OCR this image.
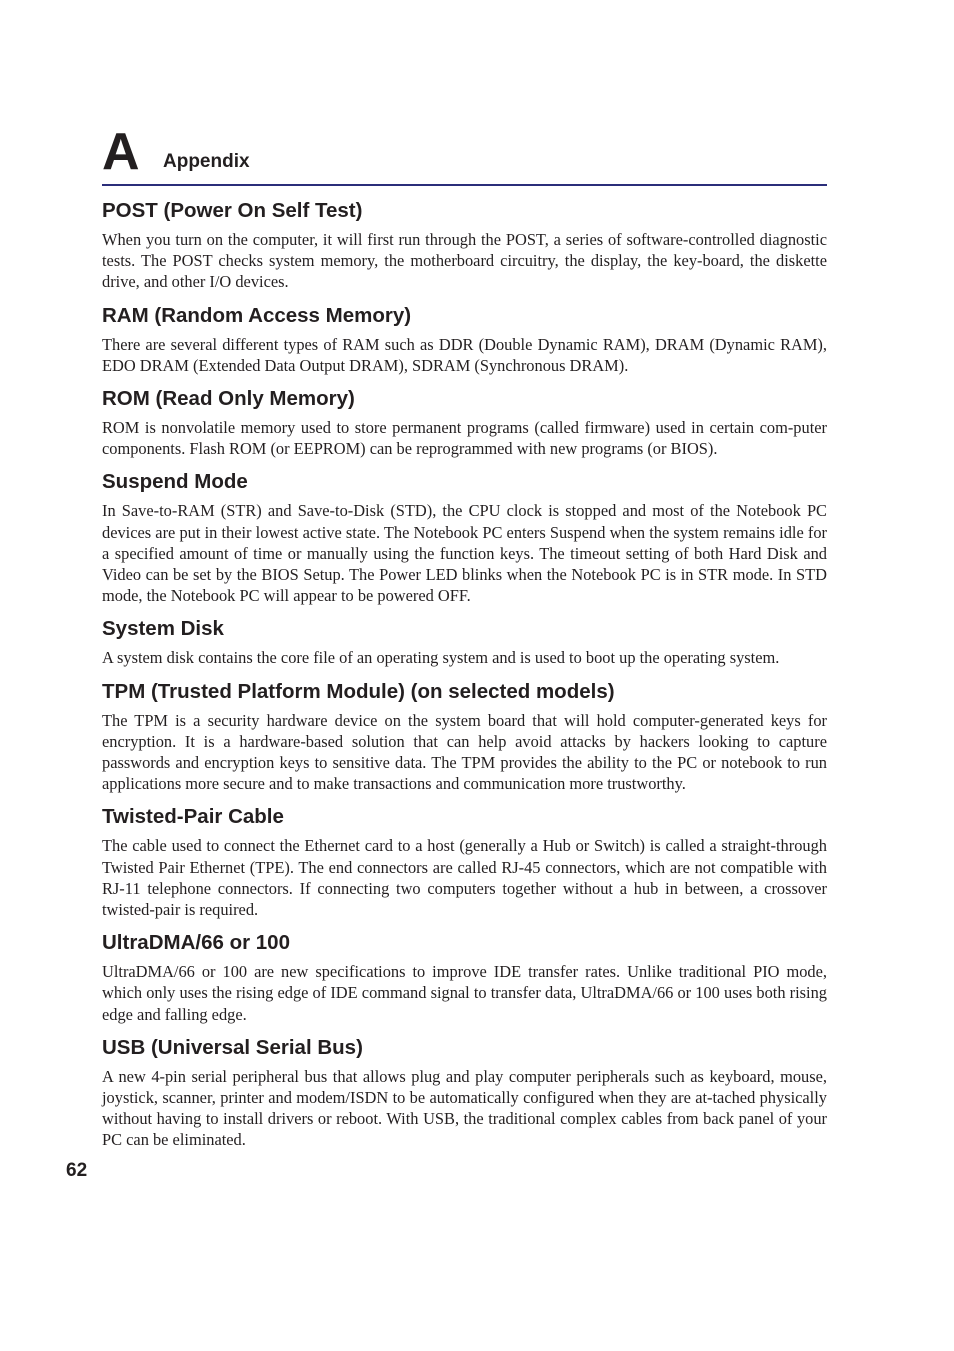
A Appendix
POST (Power On Self Test)

When you turn on the computer, it will first run through the POST, a series of software-controlled diagnostic tests. The POST checks system memory, the motherboard circuitry, the display, the key-board, the diskette drive, and other I/O devices.

RAM (Random Access Memory)

There are several different types of RAM such as DDR (Double Dynamic RAM), DRAM (Dynamic RAM), EDO DRAM (Extended Data Output DRAM), SDRAM (Synchronous DRAM).

ROM (Read Only Memory)

ROM is nonvolatile memory used to store permanent programs (called firmware) used in certain com-puter components. Flash ROM (or EEPROM) can be reprogrammed with new programs (or BIOS).

Suspend Mode

In Save-to-RAM (STR) and Save-to-Disk (STD), the CPU clock is stopped and most of the Notebook PC devices are put in their lowest active state. The Notebook PC enters Suspend when the system remains idle for a specified amount of time or manually using the function keys. The timeout setting of both Hard Disk and Video can be set by the BIOS Setup. The Power LED blinks when the Notebook PC is in STR mode. In STD mode, the Notebook PC will appear to be powered OFF.

System Disk

A system disk contains the core file of an operating system and is used to boot up the operating system.

TPM (Trusted Platform Module) (on selected models)

The TPM is a security hardware device on the system board that will hold computer-generated keys for encryption. It is a hardware-based solution that can help avoid attacks by hackers looking to capture passwords and encryption keys to sensitive data. The TPM provides the ability to the PC or notebook to run applications more secure and to make transactions and communication more trustworthy.

Twisted-Pair Cable

The cable used to connect the Ethernet card to a host (generally a Hub or Switch) is called a straight-through Twisted Pair Ethernet (TPE). The end connectors are called RJ-45 connectors, which are not compatible with RJ-11 telephone connectors. If connecting two computers together without a hub in between, a crossover twisted-pair is required.

UltraDMA/66 or 100

UltraDMA/66 or 100 are new specifications to improve IDE transfer rates. Unlike traditional PIO mode, which only uses the rising edge of IDE command signal to transfer data, UltraDMA/66 or 100 uses both rising edge and falling edge.

USB (Universal Serial Bus)

A new 4-pin serial peripheral bus that allows plug and play computer peripherals such as keyboard, mouse, joystick, scanner, printer and modem/ISDN to be automatically configured when they are at-tached physically without having to install drivers or reboot. With USB, the traditional complex cables from back panel of your PC can be eliminated.

62
